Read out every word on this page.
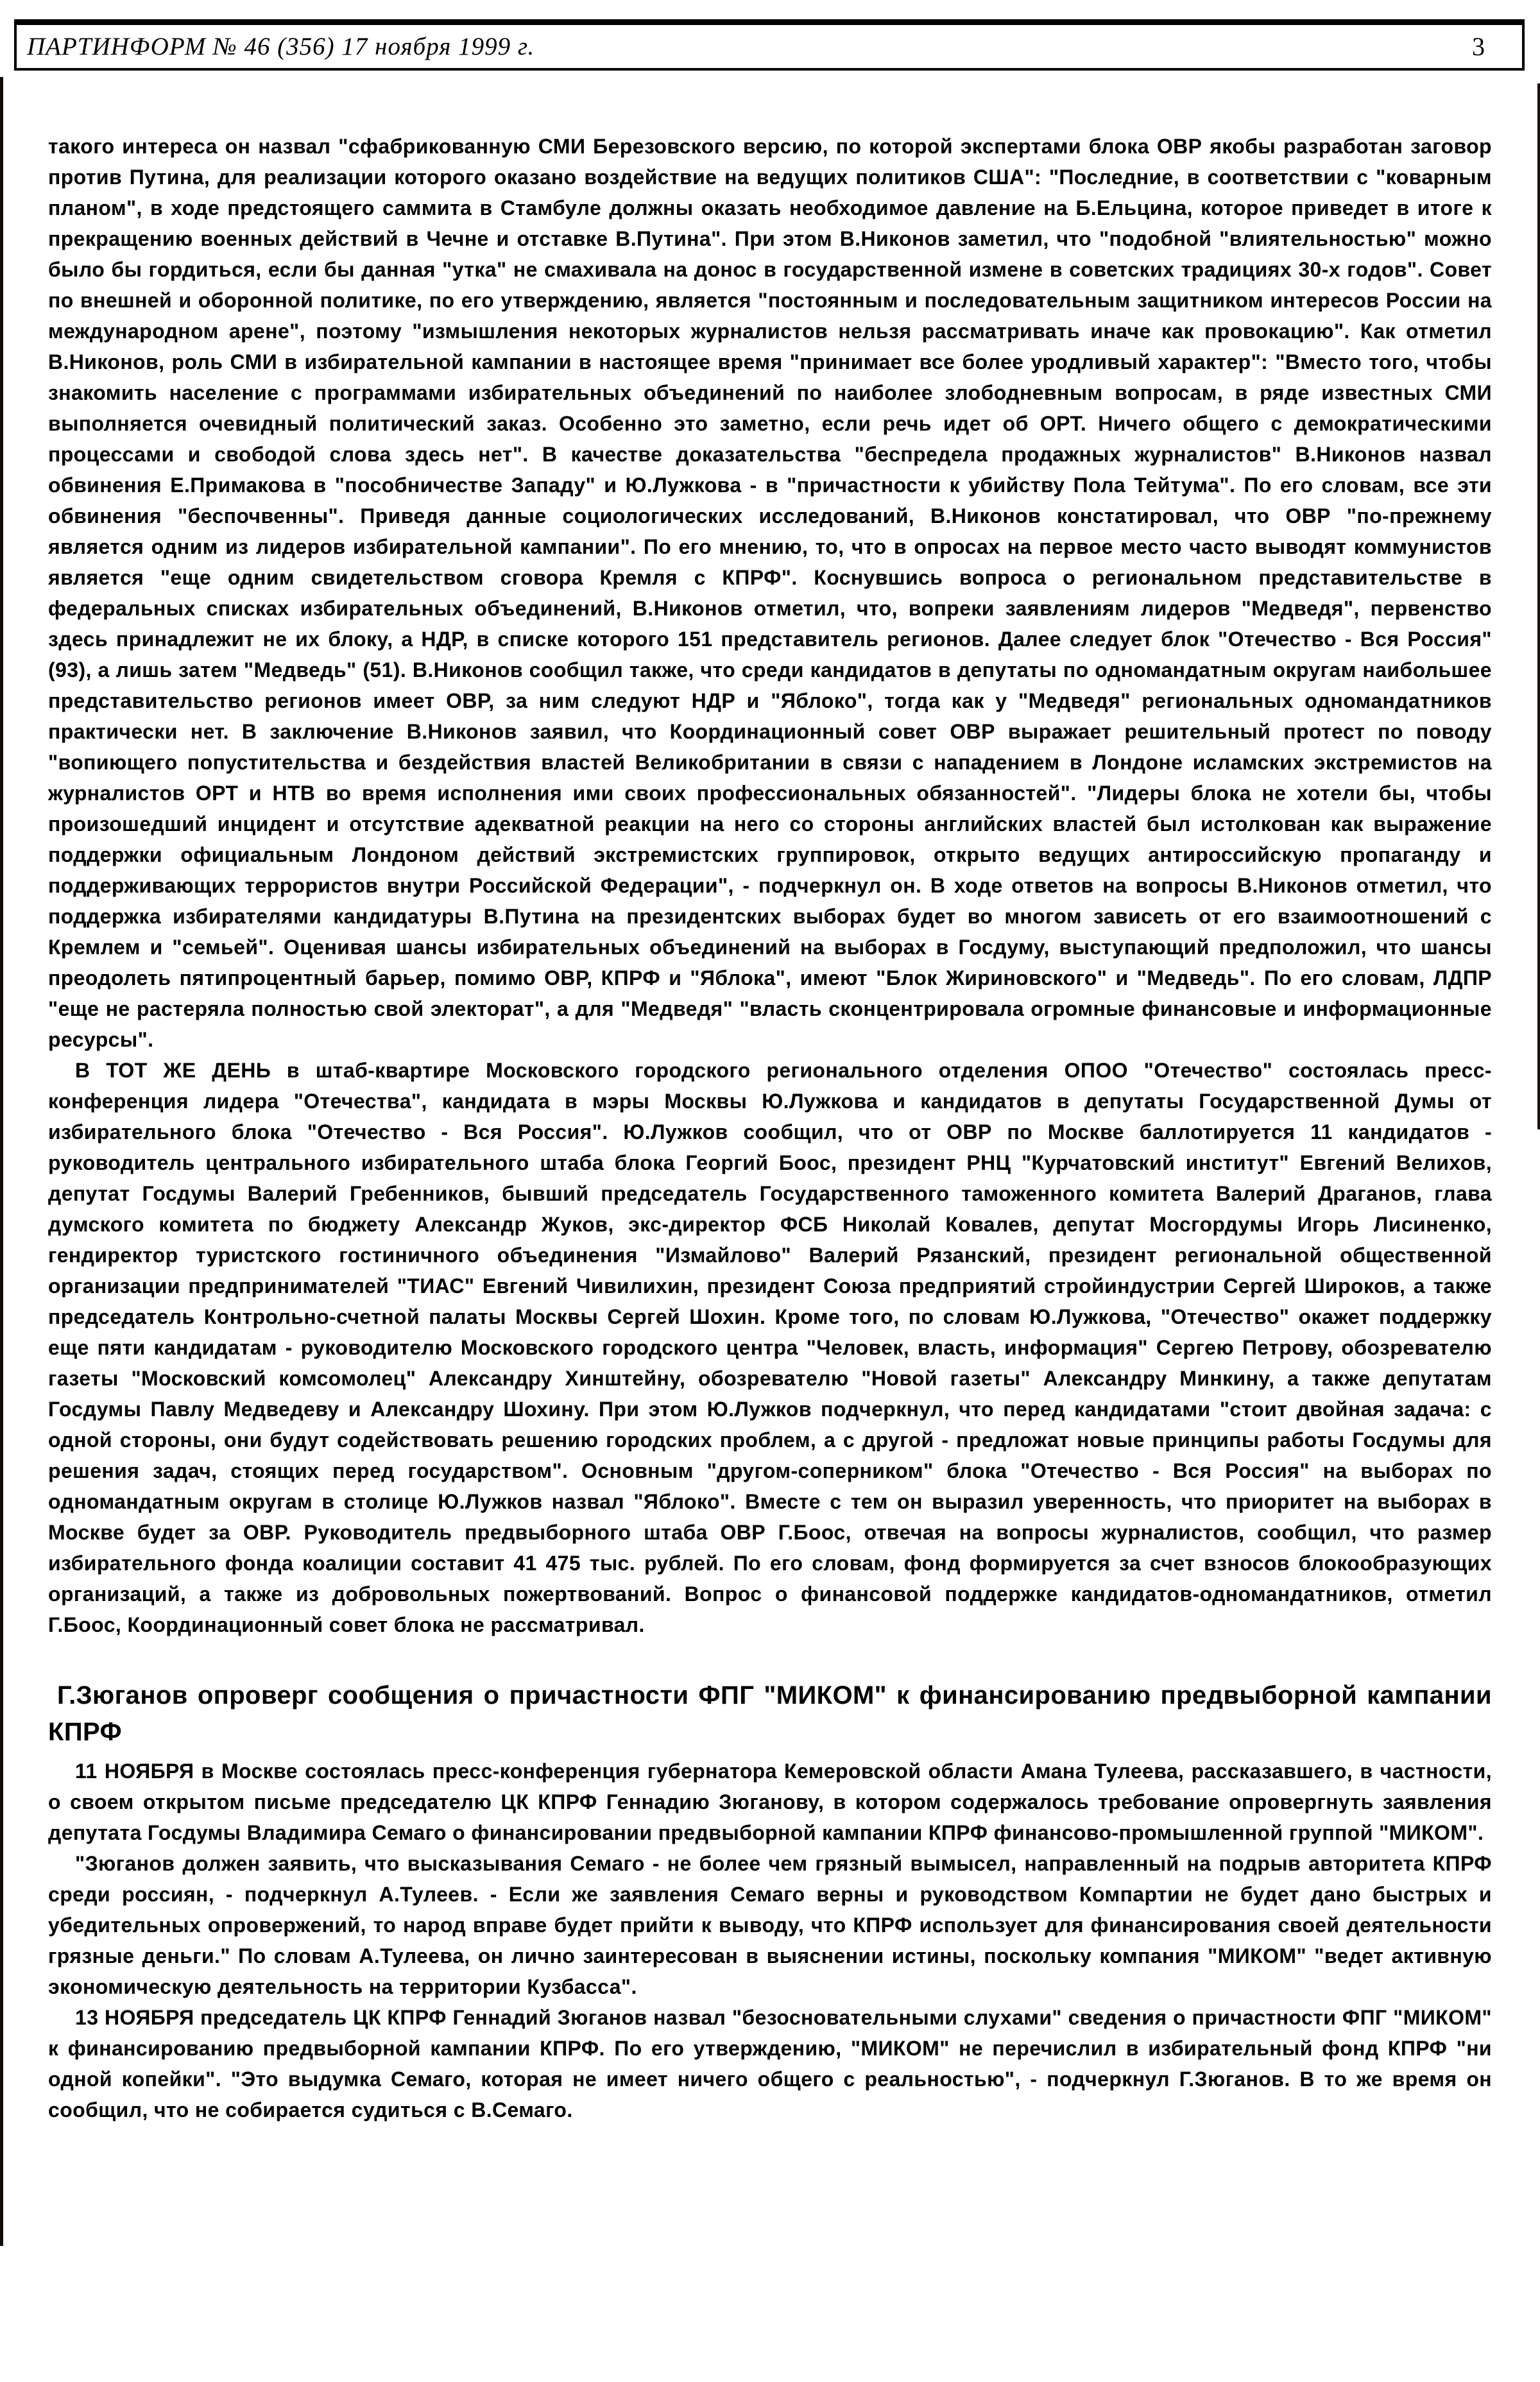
ПАРТИНФОРМ № 46 (356) 17 ноября 1999 г.	3

такого интереса он назвал "сфабрикованную СМИ Березовского версию, по которой экспертами блока ОВР якобы разработан заговор против Путина, для реализации которого оказано воздействие на ведущих политиков США": "Последние, в соответствии с "коварным планом", в ходе предстоящего саммита в Стамбуле должны оказать необходимое давление на Б.Ельцина, которое приведет в итоге к прекращению военных действий в Чечне и отставке В.Путина". При этом В.Никонов заметил, что "подобной "влиятельностью" можно было бы гордиться, если бы данная "утка" не смахивала на донос в государственной измене в советских традициях 30-х годов". Совет по внешней и оборонной политике, по его утверждению, является "постоянным и последовательным защитником интересов России на международном арене", поэтому "измышления некоторых журналистов нельзя рассматривать иначе как провокацию". Как отметил В.Никонов, роль СМИ в избирательной кампании в настоящее время "принимает все более уродливый характер": "Вместо того, чтобы знакомить население с программами избирательных объединений по наиболее злободневным вопросам, в ряде известных СМИ выполняется очевидный политический заказ. Особенно это заметно, если речь идет об ОРТ. Ничего общего с демократическими процессами и свободой слова здесь нет". В качестве доказательства "беспредела продажных журналистов" В.Никонов назвал обвинения Е.Примакова в "пособничестве Западу" и Ю.Лужкова - в "причастности к убийству Пола Тейтума". По его словам, все эти обвинения "беспочвенны". Приведя данные социологических исследований, В.Никонов констатировал, что ОВР "по-прежнему является одним из лидеров избирательной кампании". По его мнению, то, что в опросах на первое место часто выводят коммунистов является "еще одним свидетельством сговора Кремля с КПРФ". Коснувшись вопроса о региональном представительстве в федеральных списках избирательных объединений, В.Никонов отметил, что, вопреки заявлениям лидеров "Медведя", первенство здесь принадлежит не их блоку, а НДР, в списке которого 151 представитель регионов. Далее следует блок "Отечество - Вся Россия" (93), а лишь затем "Медведь" (51). В.Никонов сообщил также, что среди кандидатов в депутаты по одномандатным округам наибольшее представительство регионов имеет ОВР, за ним следуют НДР и "Яблоко", тогда как у "Медведя" региональных одномандатников практически нет. В заключение В.Никонов заявил, что Координационный совет ОВР выражает решительный протест по поводу "вопиющего попустительства и бездействия властей Великобритании в связи с нападением в Лондоне исламских экстремистов на журналистов ОРТ и НТВ во время исполнения ими своих профессиональных обязанностей". "Лидеры блока не хотели бы, чтобы произошедший инцидент и отсутствие адекватной реакции на него со стороны английских властей был истолкован как выражение поддержки официальным Лондоном действий экстремистских группировок, открыто ведущих антироссийскую пропаганду и поддерживающих террористов внутри Российской Федерации", - подчеркнул он. В ходе ответов на вопросы В.Никонов отметил, что поддержка избирателями кандидатуры В.Путина на президентских выборах будет во многом зависеть от его взаимоотношений с Кремлем и "семьей". Оценивая шансы избирательных объединений на выборах в Госдуму, выступающий предположил, что шансы преодолеть пятипроцентный барьер, помимо ОВР, КПРФ и "Яблока", имеют "Блок Жириновского" и "Медведь". По его словам, ЛДПР "еще не растеряла полностью свой электорат", а для "Медведя" "власть сконцентрировала огромные финансовые и информационные ресурсы".

В ТОТ ЖЕ ДЕНЬ в штаб-квартире Московского городского регионального отделения ОПОО "Отечество" состоялась пресс-конференция лидера "Отечества", кандидата в мэры Москвы Ю.Лужкова и кандидатов в депутаты Государственной Думы от избирательного блока "Отечество - Вся Россия". Ю.Лужков сообщил, что от ОВР по Москве баллотируется 11 кандидатов - руководитель центрального избирательного штаба блока Георгий Боос, президент РНЦ "Курчатовский институт" Евгений Велихов, депутат Госдумы Валерий Гребенников, бывший председатель Государственного таможенного комитета Валерий Драганов, глава думского комитета по бюджету Александр Жуков, экс-директор ФСБ Николай Ковалев, депутат Мосгордумы Игорь Лисиненко, гендиректор туристского гостиничного объединения "Измайлово" Валерий Рязанский, президент региональной общественной организации предпринимателей "ТИАС" Евгений Чивилихин, президент Союза предприятий стройиндустрии Сергей Широков, а также председатель Контрольно-счетной палаты Москвы Сергей Шохин. Кроме того, по словам Ю.Лужкова, "Отечество" окажет поддержку еще пяти кандидатам - руководителю Московского городского центра "Человек, власть, информация" Сергею Петрову, обозревателю газеты "Московский комсомолец" Александру Хинштейну, обозревателю "Новой газеты" Александру Минкину, а также депутатам Госдумы Павлу Медведеву и Александру Шохину. При этом Ю.Лужков подчеркнул, что перед кандидатами "стоит двойная задача: с одной стороны, они будут содействовать решению городских проблем, а с другой - предложат новые принципы работы Госдумы для решения задач, стоящих перед государством". Основным "другом-соперником" блока "Отечество - Вся Россия" на выборах по одномандатным округам в столице Ю.Лужков назвал "Яблоко". Вместе с тем он выразил уверенность, что приоритет на выборах в Москве будет за ОВР. Руководитель предвыборного штаба ОВР Г.Боос, отвечая на вопросы журналистов, сообщил, что размер избирательного фонда коалиции составит 41 475 тыс. рублей. По его словам, фонд формируется за счет взносов блокообразующих организаций, а также из добровольных пожертвований. Вопрос о финансовой поддержке кандидатов-одномандатников, отметил Г.Боос, Координационный совет блока не рассматривал.

Г.Зюганов опроверг сообщения о причастности ФПГ "МИКОМ" к финансированию предвыборной кампании КПРФ

11 НОЯБРЯ в Москве состоялась пресс-конференция губернатора Кемеровской области Амана Тулеева, рассказавшего, в частности, о своем открытом письме председателю ЦК КПРФ Геннадию Зюганову, в котором содержалось требование опровергнуть заявления депутата Госдумы Владимира Семаго о финансировании предвыборной кампании КПРФ финансово-промышленной группой "МИКОМ".

"Зюганов должен заявить, что высказывания Семаго - не более чем грязный вымысел, направленный на подрыв авторитета КПРФ среди россиян, - подчеркнул А.Тулеев. - Если же заявления Семаго верны и руководством Компартии не будет дано быстрых и убедительных опровержений, то народ вправе будет прийти к выводу, что КПРФ использует для финансирования своей деятельности грязные деньги." По словам А.Тулеева, он лично заинтересован в выяснении истины, поскольку компания "МИКОМ" "ведет активную экономическую деятельность на территории Кузбасса".

13 НОЯБРЯ председатель ЦК КПРФ Геннадий Зюганов назвал "безосновательными слухами" сведения о причастности ФПГ "МИКОМ" к финансированию предвыборной кампании КПРФ. По его утверждению, "МИКОМ" не перечислил в избирательный фонд КПРФ "ни одной копейки". "Это выдумка Семаго, которая не имеет ничего общего с реальностью", - подчеркнул Г.Зюганов. В то же время он сообщил, что не собирается судиться с В.Семаго.
